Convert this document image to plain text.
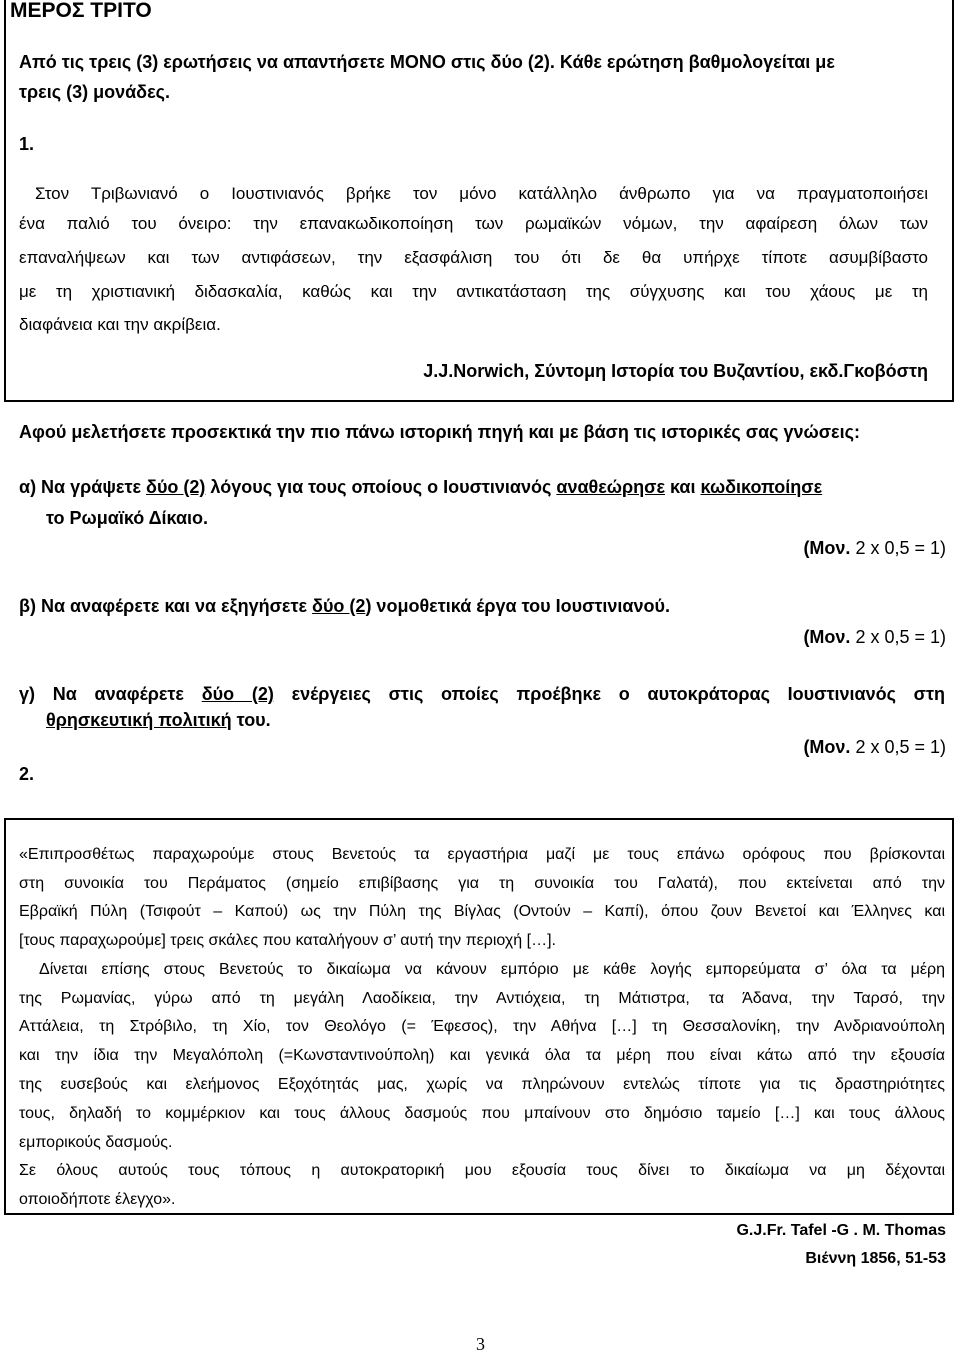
ΜΕΡΟΣ ΤΡΙΤΟ
Από τις τρεις (3) ερωτήσεις να απαντήσετε ΜΟΝΟ στις δύο (2). Κάθε ερώτηση βαθμολογείται με
τρεις (3) μονάδες.
1.
Στον Τριβωνιανό ο Ιουστινιανός βρήκε τον μόνο κατάλληλο άνθρωπο για να πραγματοποιήσει
ένα παλιό του όνειρο: την επανακωδικοποίηση των ρωμαϊκών νόμων, την αφαίρεση όλων των
επαναλήψεων και των αντιφάσεων, την εξασφάλιση του ότι δε θα υπήρχε τίποτε ασυμβίβαστο
με τη χριστιανική διδασκαλία, καθώς και την αντικατάσταση της σύγχυσης και του χάους με τη
διαφάνεια και την ακρίβεια.
J.J.Norwich, Σύντομη Ιστορία του Βυζαντίου, εκδ.Γκοβόστη
Αφού μελετήσετε προσεκτικά την πιο πάνω ιστορική πηγή και με βάση τις ιστορικές σας γνώσεις:
α) Να γράψετε δύο (2) λόγους για τους οποίους ο Ιουστινιανός αναθεώρησε και κωδικοποίησε
το Ρωμαϊκό Δίκαιο.
(Μον. 2 x 0,5 = 1)
β) Να αναφέρετε και να εξηγήσετε δύο (2) νομοθετικά έργα του Ιουστινιανού.
(Μον. 2 x 0,5 = 1)
γ) Να αναφέρετε δύο (2) ενέργειες στις οποίες προέβηκε ο αυτοκράτορας Ιουστινιανός στη
θρησκευτική πολιτική του.
(Μον. 2 x 0,5 = 1)
2.
«Επιπροσθέτως παραχωρούμε στους Βενετούς τα εργαστήρια μαζί με τους επάνω ορόφους που βρίσκονται
στη συνοικία του Περάματος (σημείο επιβίβασης για τη συνοικία του Γαλατά), που εκτείνεται από την
Εβραϊκή Πύλη (Τσιφούτ – Καπού) ως την Πύλη της Βίγλας (Οντούν – Καπί), όπου ζουν Βενετοί και Έλληνες και
[τους παραχωρούμε] τρεις σκάλες που καταλήγουν σ’ αυτή την περιοχή […].
Δίνεται επίσης στους Βενετούς το δικαίωμα να κάνουν εμπόριο με κάθε λογής εμπορεύματα σ’ όλα τα μέρη
της Ρωμανίας, γύρω από τη μεγάλη Λαοδίκεια, την Αντιόχεια, τη Μάτιστρα, τα Άδανα, την Ταρσό, την
Αττάλεια, τη Στρόβιλο, τη Χίο, τον Θεολόγο (= Έφεσος), την Αθήνα […] τη Θεσσαλονίκη, την Ανδριανούπολη
και την ίδια την Μεγαλόπολη (=Κωνσταντινούπολη) και γενικά όλα τα μέρη που είναι κάτω από την εξουσία
της ευσεβούς και ελεήμονος Εξοχότητάς μας, χωρίς να πληρώνουν εντελώς τίποτε για τις δραστηριότητες
τους, δηλαδή το κομμέρκιον και τους άλλους δασμούς που μπαίνουν στο δημόσιο ταμείο […] και τους άλλους
εμπορικούς δασμούς.
Σε όλους αυτούς τους τόπους η αυτοκρατορική μου εξουσία τους δίνει το δικαίωμα να μη δέχονται
οποιοδήποτε έλεγχο».
G.J.Fr. Tafel -G . M. Thomas
Βιέννη 1856, 51-53
3
